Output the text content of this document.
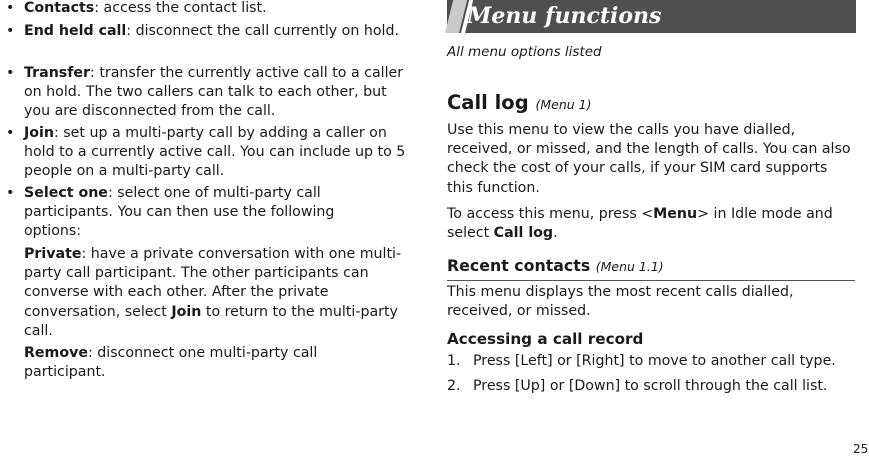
• Contacts: access the contact list.

• End held call: disconnect the call currently on hold.

• Transfer: transfer the currently active call to a caller on hold. The two callers can talk to each other, but you are disconnected from the call.

• Join: set up a multi-party call by adding a caller on hold to a currently active call. You can include up to 5 people on a multi-party call.

• Select one: select one of multi-party call participants. You can then use the following options:

Private: have a private conversation with one multi-party call participant. The other participants can converse with each other. After the private conversation, select Join to return to the multi-party call.

Remove: disconnect one multi-party call participant.

Menu functions
All menu options listed
Call log (Menu 1)

Use this menu to view the calls you have dialled, received, or missed, and the length of calls. You can also check the cost of your calls, if your SIM card supports this function.

To access this menu, press <Menu> in Idle mode and select Call log.

Recent contacts (Menu 1.1)

This menu displays the most recent calls dialled, received, or missed.

Accessing a call record
1. Press [Left] or [Right] to move to another call type.
2. Press [Up] or [Down] to scroll through the call list.
25
